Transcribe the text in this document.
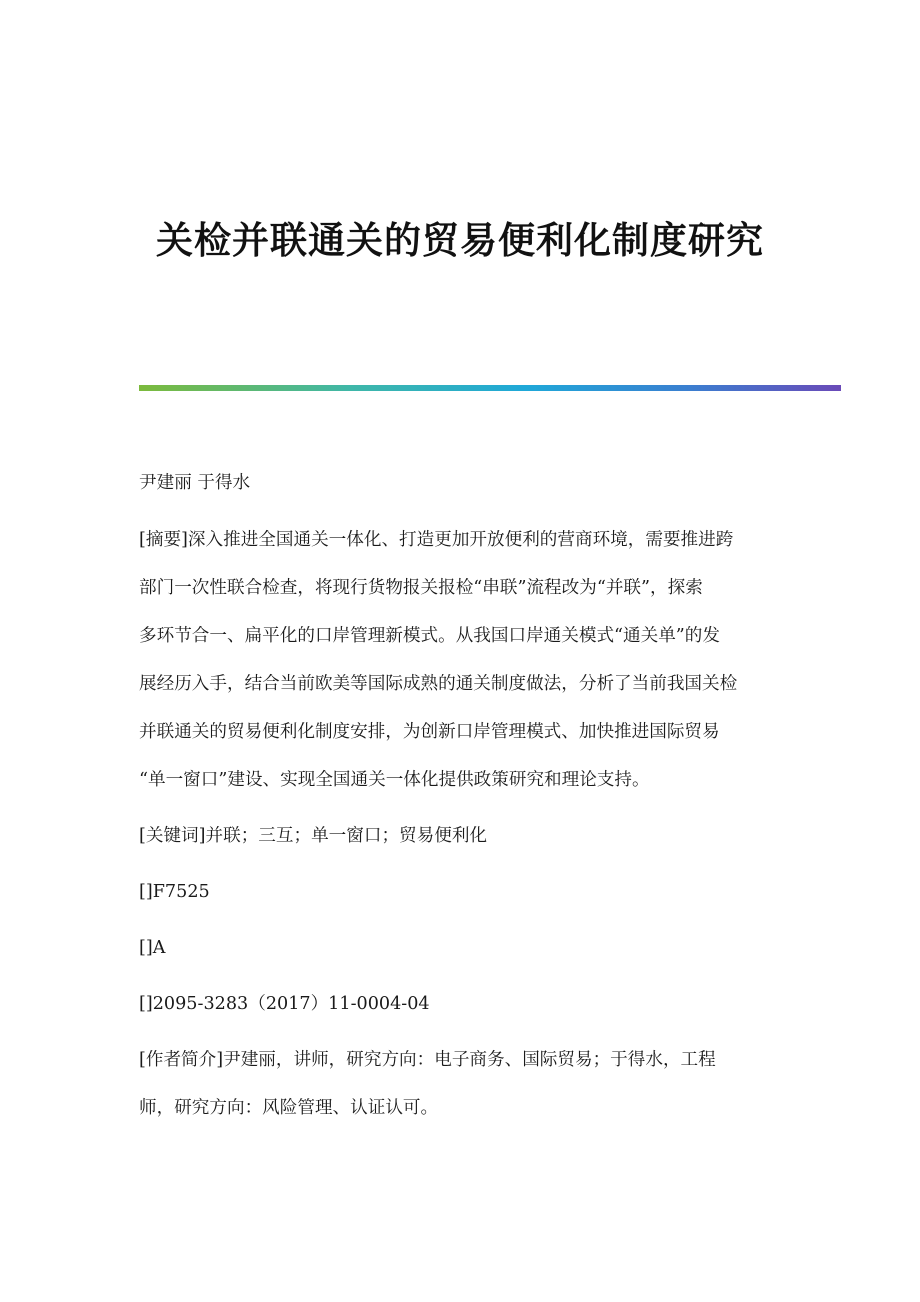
关检并联通关的贸易便利化制度研究
尹建丽 于得水
[摘要]深入推进全国通关一体化、打造更加开放便利的营商环境，需要推进跨
部门一次性联合检查，将现行货物报关报检“串联”流程改为“并联”，探索
多环节合一、扁平化的口岸管理新模式。从我国口岸通关模式“通关单”的发
展经历入手，结合当前欧美等国际成熟的通关制度做法，分析了当前我国关检
并联通关的贸易便利化制度安排，为创新口岸管理模式、加快推进国际贸易
“单一窗口”建设、实现全国通关一体化提供政策研究和理论支持。
[关键词]并联；三互；单一窗口；贸易便利化
[]F7525
[]A
[]2095-3283（2017）11-0004-04
[作者简介]尹建丽，讲师，研究方向：电子商务、国际贸易；于得水，工程
师，研究方向：风险管理、认证认可。
